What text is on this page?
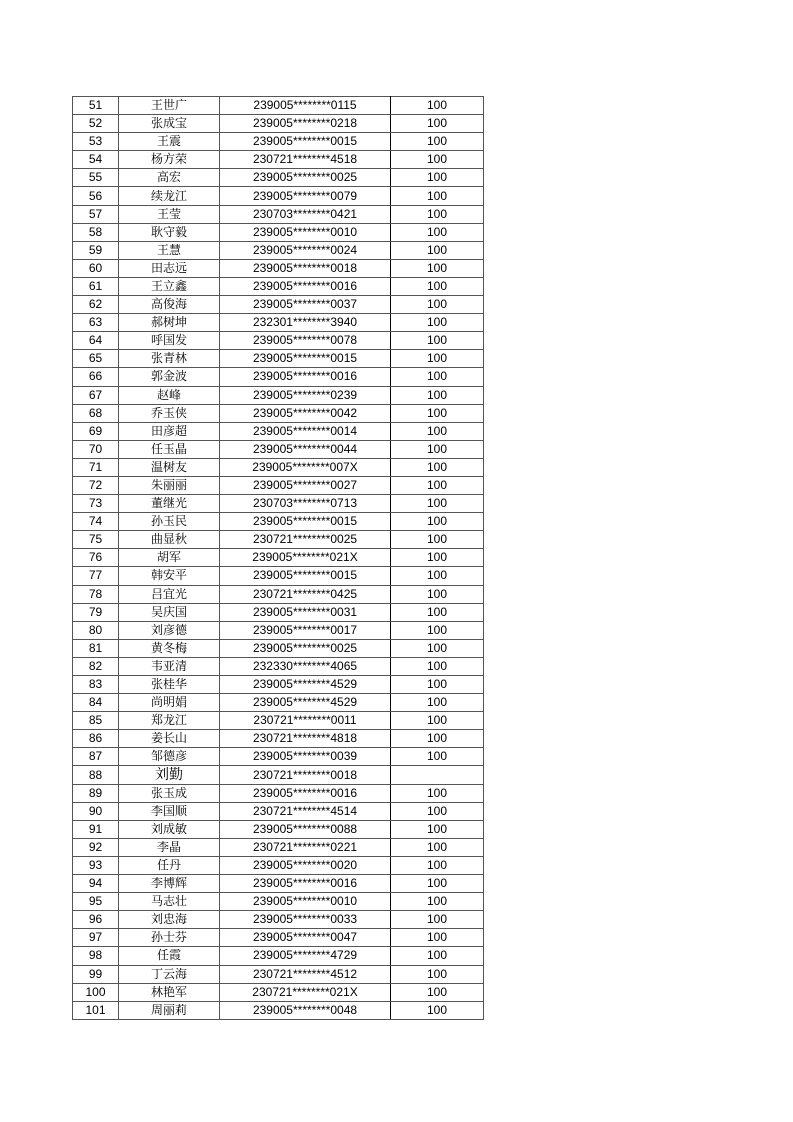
51	王世广	239005********0115	100
52	张成宝	239005********0218	100
53	王震	239005********0015	100
54	杨方荣	230721********4518	100
55	高宏	239005********0025	100
56	续龙江	239005********0079	100
57	王莹	230703********0421	100
58	耿守毅	239005********0010	100
59	王慧	239005********0024	100
60	田志远	239005********0018	100
61	王立鑫	239005********0016	100
62	高俊海	239005********0037	100
63	郝树坤	232301********3940	100
64	呼国发	239005********0078	100
65	张青林	239005********0015	100
66	郭金波	239005********0016	100
67	赵峰	239005********0239	100
68	乔玉侠	239005********0042	100
69	田彦超	239005********0014	100
70	任玉晶	239005********0044	100
71	温树友	239005********007X	100
72	朱丽丽	239005********0027	100
73	董继光	230703********0713	100
74	孙玉民	239005********0015	100
75	曲显秋	230721********0025	100
76	胡军	239005********021X	100
77	韩安平	239005********0015	100
78	吕宜光	230721********0425	100
79	吴庆国	239005********0031	100
80	刘彦德	239005********0017	100
81	黄冬梅	239005********0025	100
82	韦亚清	232330********4065	100
83	张桂华	239005********4529	100
84	尚明娟	239005********4529	100
85	郑龙江	230721********0011	100
86	姜长山	230721********4818	100
87	邹德彦	239005********0039	100
88	刘勤	230721********0018	
89	张玉成	239005********0016	100
90	李国顺	230721********4514	100
91	刘成敏	239005********0088	100
92	李晶	230721********0221	100
93	任丹	239005********0020	100
94	李博辉	239005********0016	100
95	马志壮	239005********0010	100
96	刘忠海	239005********0033	100
97	孙士芬	239005********0047	100
98	任霞	239005********4729	100
99	丁云海	230721********4512	100
100	林艳军	230721********021X	100
101	周丽莉	239005********0048	100
